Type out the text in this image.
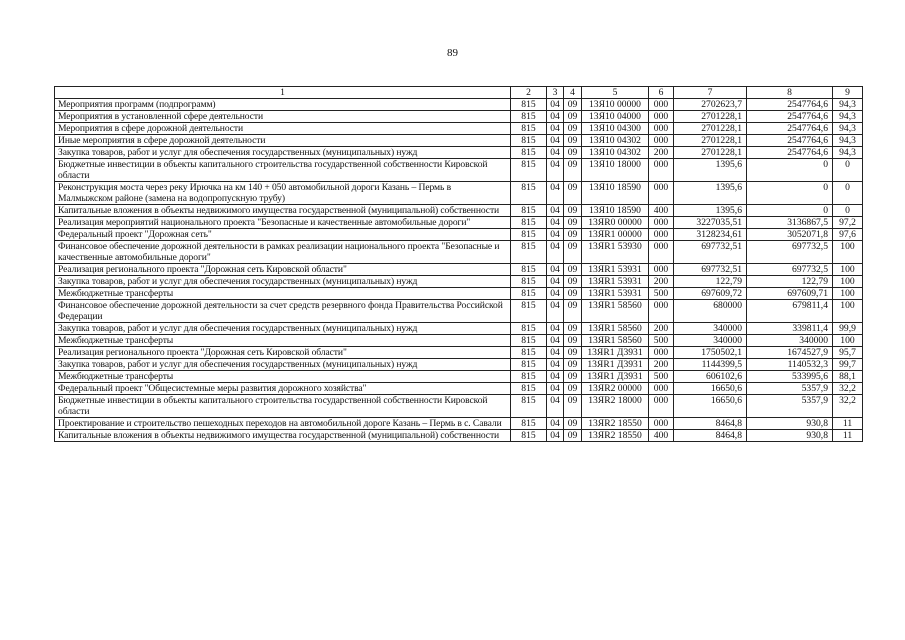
89
1	2	3	4	5	6	7	8	9
Мероприятия программ (подпрограмм)	815	04	09	13Я10 00000	000	2702623,7	2547764,6	94,3
Мероприятия в установленной сфере деятельности	815	04	09	13Я10 04000	000	2701228,1	2547764,6	94,3
Мероприятия в сфере дорожной деятельности	815	04	09	13Я10 04300	000	2701228,1	2547764,6	94,3
Иные мероприятия в сфере дорожной деятельности	815	04	09	13Я10 04302	000	2701228,1	2547764,6	94,3
Закупка товаров, работ и услуг для обеспечения государственных (муниципальных) нужд	815	04	09	13Я10 04302	200	2701228,1	2547764,6	94,3
Бюджетные инвестиции в объекты капитального строительства государственной собственности Кировской области	815	04	09	13Я10 18000	000	1395,6	0	0
Реконструкция моста через реку Ирючка на км 140 + 050 автомобильной дороги Казань – Пермь в Малмыжском районе (замена на водопропускную трубу)	815	04	09	13Я10 18590	000	1395,6	0	0
Капитальные вложения в объекты недвижимого имущества государственной (муниципальной) собственности	815	04	09	13Я10 18590	400	1395,6	0	0
Реализация мероприятий национального проекта "Безопасные и качественные автомобильные дороги"	815	04	09	13ЯR0 00000	000	3227035,51	3136867,5	97,2
Федеральный проект "Дорожная сеть"	815	04	09	13ЯR1 00000	000	3128234,61	3052071,8	97,6
Финансовое обеспечение дорожной деятельности в рамках реализации национального проекта "Безопасные и качественные автомобильные дороги"	815	04	09	13ЯR1 53930	000	697732,51	697732,5	100
Реализация регионального проекта "Дорожная сеть Кировской области"	815	04	09	13ЯR1 53931	000	697732,51	697732,5	100
Закупка товаров, работ и услуг для обеспечения государственных (муниципальных) нужд	815	04	09	13ЯR1 53931	200	122,79	122,79	100
Межбюджетные трансферты	815	04	09	13ЯR1 53931	500	697609,72	697609,71	100
Финансовое обеспечение дорожной деятельности за счет средств резервного фонда Правительства Российской Федерации	815	04	09	13ЯR1 58560	000	680000	679811,4	100
Закупка товаров, работ и услуг для обеспечения государственных (муниципальных) нужд	815	04	09	13ЯR1 58560	200	340000	339811,4	99,9
Межбюджетные трансферты	815	04	09	13ЯR1 58560	500	340000	340000	100
Реализация регионального проекта "Дорожная сеть Кировской области"	815	04	09	13ЯR1 Д3931	000	1750502,1	1674527,9	95,7
Закупка товаров, работ и услуг для обеспечения государственных (муниципальных) нужд	815	04	09	13ЯR1 Д3931	200	1144399,5	1140532,3	99,7
Межбюджетные трансферты	815	04	09	13ЯR1 Д3931	500	606102,6	533995,6	88,1
Федеральный проект "Общесистемные меры развития дорожного хозяйства"	815	04	09	13ЯR2 00000	000	16650,6	5357,9	32,2
Бюджетные инвестиции в объекты капитального строительства государственной собственности Кировской области	815	04	09	13ЯR2 18000	000	16650,6	5357,9	32,2
Проектирование и строительство пешеходных переходов на автомобильной дороге Казань – Пермь в с. Савали	815	04	09	13ЯR2 18550	000	8464,8	930,8	11
Капитальные вложения в объекты недвижимого имущества государственной (муниципальной) собственности	815	04	09	13ЯR2 18550	400	8464,8	930,8	11
